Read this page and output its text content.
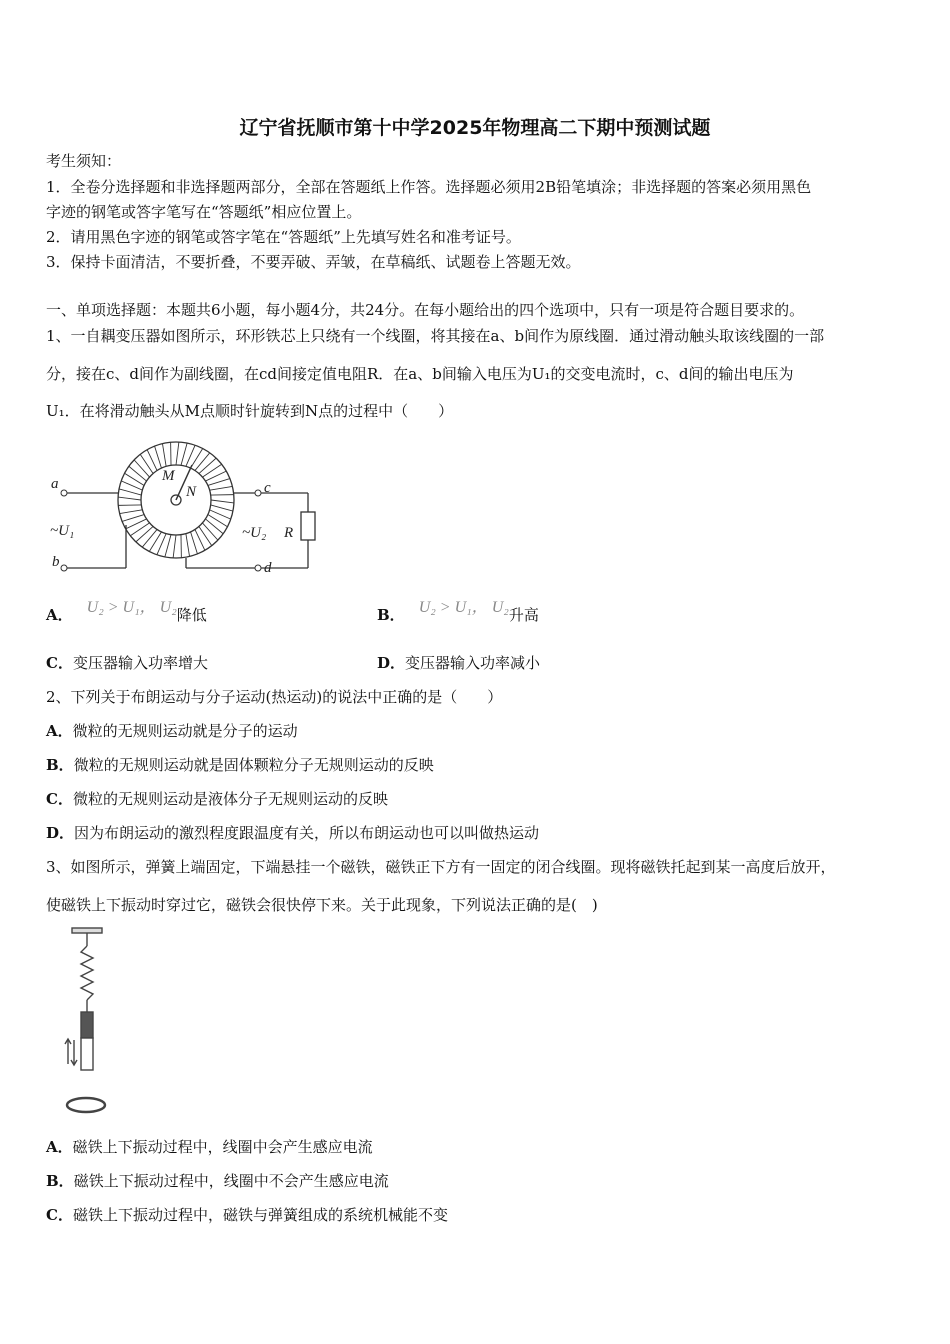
辽宁省抚顺市第十中学2025年物理高二下期中预测试题
考生须知：
1．全卷分选择题和非选择题两部分，全部在答题纸上作答。选择题必须用2B铅笔填涂；非选择题的答案必须用黑色
字迹的钢笔或答字笔写在“答题纸”相应位置上。
2．请用黑色字迹的钢笔或答字笔在“答题纸”上先填写姓名和准考证号。
3．保持卡面清洁，不要折叠，不要弄破、弄皱，在草稿纸、试题卷上答题无效。
一、单项选择题：本题共6小题，每小题4分，共24分。在每小题给出的四个选项中，只有一项是符合题目要求的。
1、一自耦变压器如图所示，环形铁芯上只绕有一个线圈，将其接在a、b间作为原线圈．通过滑动触头取该线圈的一部
分，接在c、d间作为副线圈，在cd间接定值电阻R．在a、b间输入电压为U₁的交变电流时，c、d间的输出电压为
U₁．在将滑动触头从M点顺时针旋转到N点的过程中（　　）
a
b
c
d
M
N
~U₁	~U₂ R
A． U₂ > U₁， U₂降低	B． U₂ > U₁， U₂升高
C．变压器输入功率增大	D．变压器输入功率减小
2、下列关于布朗运动与分子运动(热运动)的说法中正确的是（　　）
A．微粒的无规则运动就是分子的运动
B．微粒的无规则运动就是固体颗粒分子无规则运动的反映
C．微粒的无规则运动是液体分子无规则运动的反映
D．因为布朗运动的激烈程度跟温度有关，所以布朗运动也可以叫做热运动
3、如图所示，弹簧上端固定，下端悬挂一个磁铁，磁铁正下方有一固定的闭合线圈。现将磁铁托起到某一高度后放开，
使磁铁上下振动时穿过它，磁铁会很快停下来。关于此现象，下列说法正确的是(　)
A．磁铁上下振动过程中，线圈中会产生感应电流
B．磁铁上下振动过程中，线圈中不会产生感应电流
C．磁铁上下振动过程中，磁铁与弹簧组成的系统机械能不变
